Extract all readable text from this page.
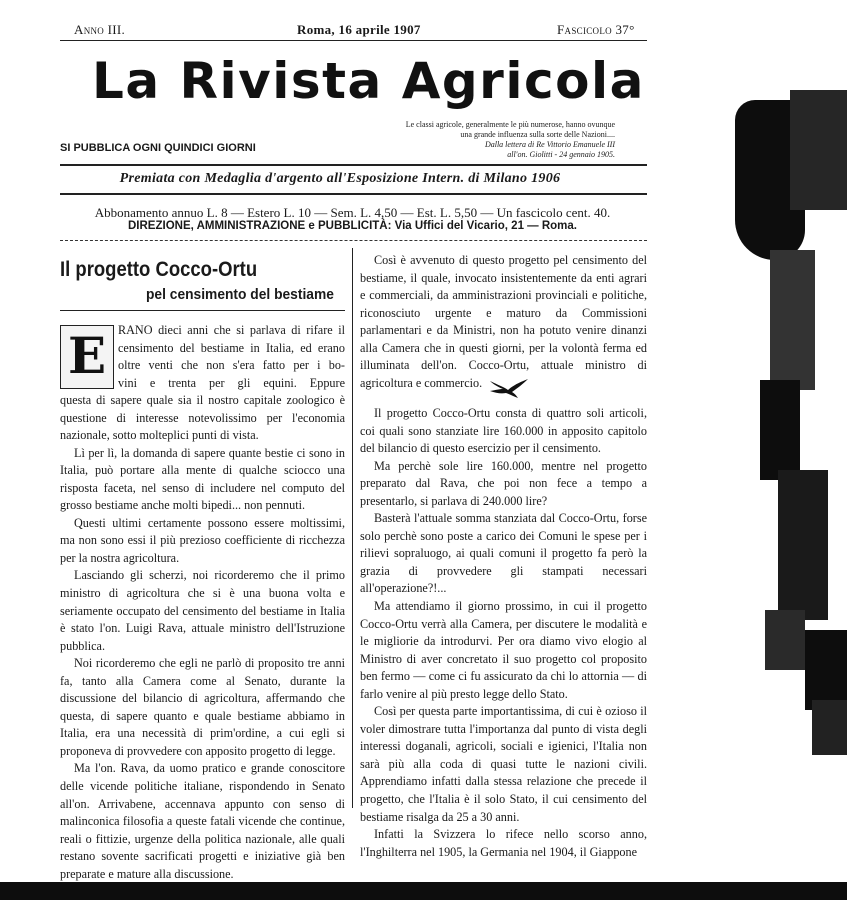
Anno III.	Roma, 16 aprile 1907	Fascicolo 37°
La Rivista Agricola
SI PUBBLICA OGNI QUINDICI GIORNI
Le classi agricole, generalmente le più numerose, hanno ovunque
una grande influenza sulla sorte delle Nazioni....
Dalla lettera di Re Vittorio Emanuele III
all'on. Giolitti - 24 gennaio 1905.
Premiata con Medaglia d'argento all'Esposizione Intern. di Milano 1906
Abbonamento annuo L. 8 — Estero L. 10 — Sem. L. 4,50 — Est. L. 5,50 — Un fascicolo cent. 40.
DIREZIONE, AMMINISTRAZIONE e PUBBLICITÀ: Via Uffici del Vicario, 21 — Roma.
Il progetto Cocco-Ortu
pel censimento del bestiame
E RANO dieci anni che si parlava di rifare il
censimento del bestiame in Italia, ed erano
oltre venti che non s'era fatto per i bo-
vini e trenta per gli equini. Eppure

questa di sapere quale sia il nostro capitale zoologico è questione di interesse notevolissimo per l'economia nazionale, sotto molteplici punti di vista.

Lì per lì, la domanda di sapere quante bestie ci sono in Italia, può portare alla mente di qualche sciocco una risposta faceta, nel senso di includere nel computo del grosso bestiame anche molti bipedi... non pennuti.

Questi ultimi certamente possono essere moltissimi, ma non sono essi il più prezioso coefficiente di ricchezza per la nostra agricoltura.

Lasciando gli scherzi, noi ricorderemo che il primo ministro di agricoltura che si è una buona volta e seriamente occupato del censimento del bestiame in Italia è stato l'on. Luigi Rava, attuale ministro dell'Istruzione pubblica.

Noi ricorderemo che egli ne parlò di proposito tre anni fa, tanto alla Camera come al Senato, durante la discussione del bilancio di agricoltura, affermando che questa, di sapere quanto e quale bestiame abbiamo in Italia, era una necessità di prim'ordine, a cui egli si proponeva di provvedere con apposito progetto di legge.

Ma l'on. Rava, da uomo pratico e grande conoscitore delle vicende politiche italiane, rispondendo in Senato all'on. Arrivabene, accennava appunto con senso di malinconica filosofia a queste fatali vicende che continue, reali o fittizie, urgenze della politica nazionale, alle quali restano sovente sacrificati progetti e iniziative già ben preparate e mature alla discussione.

Così è avvenuto di questo progetto pel censimento del bestiame, il quale, invocato insistentemente da enti agrari e commerciali, da amministrazioni provinciali e politiche, riconosciuto urgente e maturo da Commissioni parlamentari e da Ministri, non ha potuto venire dinanzi alla Camera che in questi giorni, per la volontà ferma ed illuminata dell'on. Cocco-Ortu, attuale ministro di agricoltura e commercio.

Il progetto Cocco-Ortu consta di quattro soli articoli, coi quali sono stanziate lire 160.000 in apposito capitolo del bilancio di questo esercizio per il censimento.

Ma perchè sole lire 160.000, mentre nel progetto preparato dal Rava, che poi non fece a tempo a presentarlo, si parlava di 240.000 lire?

Basterà l'attuale somma stanziata dal Cocco-Ortu, forse solo perchè sono poste a carico dei Comuni le spese per i rilievi sopraluogo, ai quali comuni il progetto fa però la grazia di provvedere gli stampati necessari all'operazione?!...

Ma attendiamo il giorno prossimo, in cui il progetto Cocco-Ortu verrà alla Camera, per discutere le modalità e le migliorie da introdurvi. Per ora diamo vivo elogio al Ministro di aver concretato il suo progetto col proposito ben fermo — come ci fu assicurato da chi lo attornia — di farlo venire al più presto legge dello Stato.

Così per questa parte importantissima, di cui è ozioso il voler dimostrare tutta l'importanza dal punto di vista degli interessi doganali, agricoli, sociali e igienici, l'Italia non sarà più alla coda di quasi tutte le nazioni civili. Apprendiamo infatti dalla stessa relazione che precede il progetto, che l'Italia è il solo Stato, il cui censimento del bestiame risalga da 25 a 30 anni.

Infatti la Svizzera lo rifece nello scorso anno, l'Inghilterra nel 1905, la Germania nel 1904, il Giappone
